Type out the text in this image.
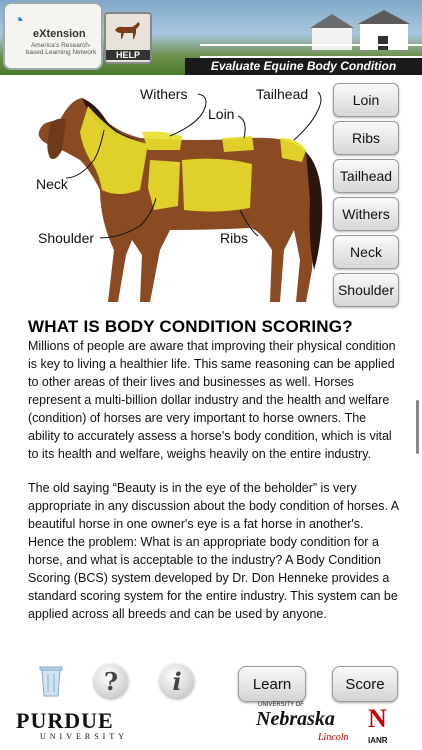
◔
eXtension
America's Research-based Learning Network	HELP
Evaluate Equine Body Condition
Withers
Loin
Tailhead
Neck
Shoulder	Ribs
Loin
Ribs
Tailhead
Withers
Neck
Shoulder
WHAT IS BODY CONDITION SCORING?

Millions of people are aware that improving their physical condition is key to living a healthier life. This same reasoning can be applied to other areas of their lives and businesses as well. Horses represent a multi-billion dollar industry and the health and welfare (condition) of horses are very important to horse owners. The ability to accurately assess a horse's body condition, which is vital to its health and welfare, weighs heavily on the entire industry.

The old saying “Beauty is in the eye of the beholder” is very appropriate in any discussion about the body condition of horses. A beautiful horse in one owner's eye is a fat horse in another's. Hence the problem: What is an appropriate body condition for a horse, and what is acceptable to the industry? A Body Condition Scoring (BCS) system developed by Dr. Don Henneke provides a standard scoring system for the entire industry. This system can be applied across all breeds and can be used by anyone.

?	i	Learn	Score
PURDUE
UNIVERSITY
UNIVERSITY OF
Nebraska
Lincoln
N
IANR
